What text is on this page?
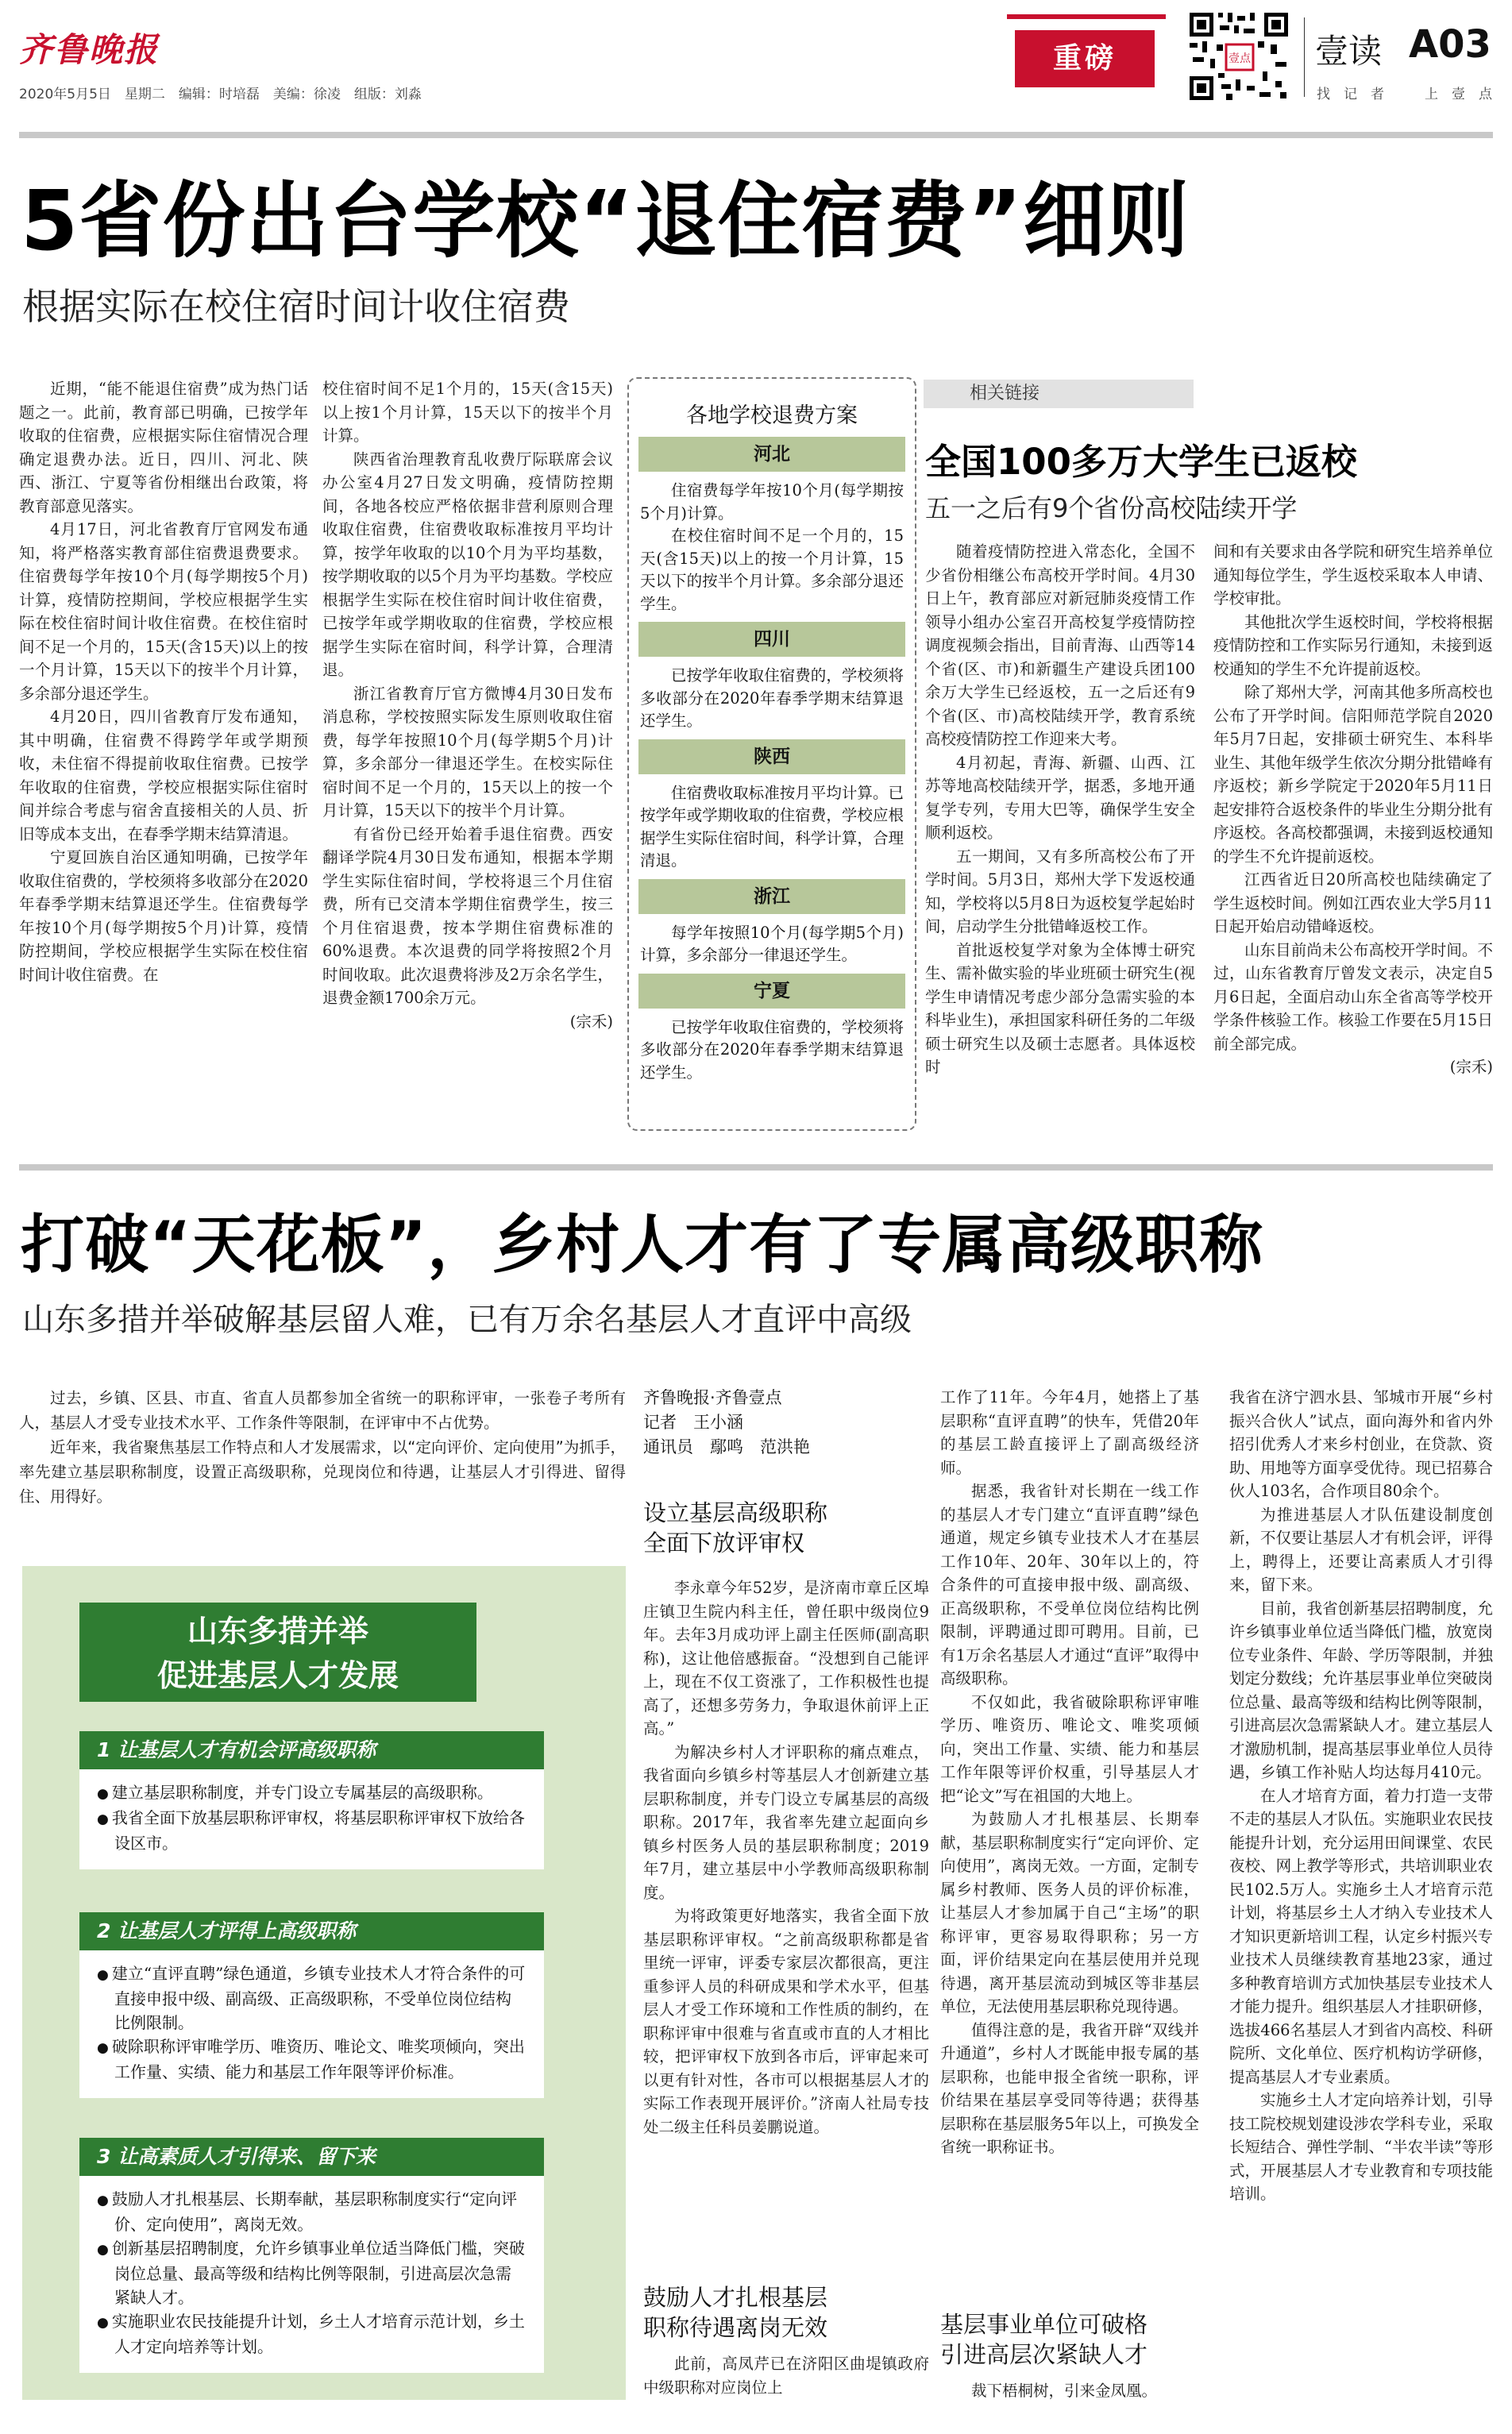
齐鲁晚报
2020年5月5日　星期二　编辑：时培磊　美编：徐凌　组版：刘淼
重磅	壹点 壹读 A03
找　记　者　　　上　壹　点
5省份出台学校“退住宿费”细则
根据实际在校住宿时间计收住宿费

近期，“能不能退住宿费”成为热门话题之一。此前，教育部已明确，已按学年收取的住宿费，应根据实际住宿情况合理确定退费办法。近日，四川、河北、陕西、浙江、宁夏等省份相继出台政策，将教育部意见落实。

4月17日，河北省教育厅官网发布通知，将严格落实教育部住宿费退费要求。住宿费每学年按10个月(每学期按5个月)计算，疫情防控期间，学校应根据学生实际在校住宿时间计收住宿费。在校住宿时间不足一个月的，15天(含15天)以上的按一个月计算，15天以下的按半个月计算，多余部分退还学生。

4月20日，四川省教育厅发布通知，其中明确，住宿费不得跨学年或学期预收，未住宿不得提前收取住宿费。已按学年收取的住宿费，学校应根据实际住宿时间并综合考虑与宿舍直接相关的人员、折旧等成本支出，在春季学期末结算清退。

宁夏回族自治区通知明确，已按学年收取住宿费的，学校须将多收部分在2020年春季学期末结算退还学生。住宿费每学年按10个月(每学期按5个月)计算，疫情防控期间，学校应根据学生实际在校住宿时间计收住宿费。在

校住宿时间不足1个月的，15天(含15天)以上按1个月计算，15天以下的按半个月计算。

陕西省治理教育乱收费厅际联席会议办公室4月27日发文明确，疫情防控期间，各地各校应严格依据非营利原则合理收取住宿费，住宿费收取标准按月平均计算，按学年收取的以10个月为平均基数，按学期收取的以5个月为平均基数。学校应根据学生实际在校住宿时间计收住宿费，已按学年或学期收取的住宿费，学校应根据学生实际在宿时间，科学计算，合理清退。

浙江省教育厅官方微博4月30日发布消息称，学校按照实际发生原则收取住宿费，每学年按照10个月(每学期5个月)计算，多余部分一律退还学生。在校实际住宿时间不足一个月的，15天以上的按一个月计算，15天以下的按半个月计算。

有省份已经开始着手退住宿费。西安翻译学院4月30日发布通知，根据本学期学生实际住宿时间，学校将退三个月住宿费，所有已交清本学期住宿费学生，按三个月住宿退费，按本学期住宿费标准的60%退费。本次退费的同学将按照2个月时间收取。此次退费将涉及2万余名学生，退费金额1700余万元。

(宗禾)

各地学校退费方案
河北

住宿费每学年按10个月(每学期按5个月)计算。

在校住宿时间不足一个月的，15天(含15天)以上的按一个月计算，15天以下的按半个月计算。多余部分退还学生。

四川

已按学年收取住宿费的，学校须将多收部分在2020年春季学期末结算退还学生。

陕西

住宿费收取标准按月平均计算。已按学年或学期收取的住宿费，学校应根据学生实际住宿时间，科学计算，合理清退。

浙江

每学年按照10个月(每学期5个月)计算，多余部分一律退还学生。

宁夏

已按学年收取住宿费的，学校须将多收部分在2020年春季学期末结算退还学生。

相关链接
全国100多万大学生已返校
五一之后有9个省份高校陆续开学

随着疫情防控进入常态化，全国不少省份相继公布高校开学时间。4月30日上午，教育部应对新冠肺炎疫情工作领导小组办公室召开高校复学疫情防控调度视频会指出，目前青海、山西等14个省(区、市)和新疆生产建设兵团100余万大学生已经返校，五一之后还有9个省(区、市)高校陆续开学，教育系统高校疫情防控工作迎来大考。

4月初起，青海、新疆、山西、江苏等地高校陆续开学，据悉，多地开通复学专列，专用大巴等，确保学生安全顺利返校。

五一期间，又有多所高校公布了开学时间。5月3日，郑州大学下发返校通知，学校将以5月8日为返校复学起始时间，启动学生分批错峰返校工作。

首批返校复学对象为全体博士研究生、需补做实验的毕业班硕士研究生(视学生申请情况考虑少部分急需实验的本科毕业生)，承担国家科研任务的二年级硕士研究生以及硕士志愿者。具体返校时

间和有关要求由各学院和研究生培养单位通知每位学生，学生返校采取本人申请、学校审批。

其他批次学生返校时间，学校将根据疫情防控和工作实际另行通知，未接到返校通知的学生不允许提前返校。

除了郑州大学，河南其他多所高校也公布了开学时间。信阳师范学院自2020年5月7日起，安排硕士研究生、本科毕业生、其他年级学生依次分期分批错峰有序返校；新乡学院定于2020年5月11日起安排符合返校条件的毕业生分期分批有序返校。各高校都强调，未接到返校通知的学生不允许提前返校。

江西省近日20所高校也陆续确定了学生返校时间。例如江西农业大学5月11日起开始启动错峰返校。

山东目前尚未公布高校开学时间。不过，山东省教育厅曾发文表示，决定自5月6日起，全面启动山东全省高等学校开学条件核验工作。核验工作要在5月15日前全部完成。

(宗禾)

打破“天花板”，乡村人才有了专属高级职称
山东多措并举破解基层留人难，已有万余名基层人才直评中高级

过去，乡镇、区县、市直、省直人员都参加全省统一的职称评审，一张卷子考所有人，基层人才受专业技术水平、工作条件等限制，在评审中不占优势。

近年来，我省聚焦基层工作特点和人才发展需求，以“定向评价、定向使用”为抓手，率先建立基层职称制度，设置正高级职称，兑现岗位和待遇，让基层人才引得进、留得住、用得好。

山东多措并举
促进基层人才发展
1 让基层人才有机会评高级职称
● 建立基层职称制度，并专门设立专属基层的高级职称。
● 我省全面下放基层职称评审权，将基层职称评审权下放给各设区市。
2 让基层人才评得上高级职称
● 建立“直评直聘”绿色通道，乡镇专业技术人才符合条件的可直接申报中级、副高级、正高级职称，不受单位岗位结构比例限制。
● 破除职称评审唯学历、唯资历、唯论文、唯奖项倾向，突出工作量、实绩、能力和基层工作年限等评价标准。
3 让高素质人才引得来、留下来
● 鼓励人才扎根基层、长期奉献，基层职称制度实行“定向评价、定向使用”，离岗无效。
● 创新基层招聘制度，允许乡镇事业单位适当降低门槛，突破岗位总量、最高等级和结构比例等限制，引进高层次急需紧缺人才。
● 实施职业农民技能提升计划，乡土人才培育示范计划，乡土人才定向培养等计划。
齐鲁晚报·齐鲁壹点
记者　王小涵
通讯员　鄢鸣　范洪艳
设立基层高级职称
全面下放评审权

李永章今年52岁，是济南市章丘区埠庄镇卫生院内科主任，曾任职中级岗位9年。去年3月成功评上副主任医师(副高职称)，这让他倍感振奋。“没想到自己能评上，现在不仅工资涨了，工作积极性也提高了，还想多劳务力，争取退休前评上正高。”

为解决乡村人才评职称的痛点难点，我省面向乡镇乡村等基层人才创新建立基层职称制度，并专门设立专属基层的高级职称。2017年，我省率先建立起面向乡镇乡村医务人员的基层职称制度；2019年7月，建立基层中小学教师高级职称制度。

为将政策更好地落实，我省全面下放基层职称评审权。“之前高级职称都是省里统一评审，评委专家层次都很高，更注重参评人员的科研成果和学术水平，但基层人才受工作环境和工作性质的制约，在职称评审中很难与省直或市直的人才相比较，把评审权下放到各市后，评审起来可以更有针对性，各市可以根据基层人才的实际工作表现开展评价。”济南人社局专技处二级主任科员姜鹏说道。

鼓励人才扎根基层
职称待遇离岗无效

此前，高凤芹已在济阳区曲堤镇政府中级职称对应岗位上

工作了11年。今年4月，她搭上了基层职称“直评直聘”的快车，凭借20年的基层工龄直接评上了副高级经济师。

据悉，我省针对长期在一线工作的基层人才专门建立“直评直聘”绿色通道，规定乡镇专业技术人才在基层工作10年、20年、30年以上的，符合条件的可直接申报中级、副高级、正高级职称，不受单位岗位结构比例限制，评聘通过即可聘用。目前，已有1万余名基层人才通过“直评”取得中高级职称。

不仅如此，我省破除职称评审唯学历、唯资历、唯论文、唯奖项倾向，突出工作量、实绩、能力和基层工作年限等评价权重，引导基层人才把“论文”写在祖国的大地上。

为鼓励人才扎根基层、长期奉献，基层职称制度实行“定向评价、定向使用”，离岗无效。一方面，定制专属乡村教师、医务人员的评价标准，让基层人才参加属于自己“主场”的职称评审，更容易取得职称；另一方面，评价结果定向在基层使用并兑现待遇，离开基层流动到城区等非基层单位，无法使用基层职称兑现待遇。

值得注意的是，我省开辟“双线并升通道”，乡村人才既能申报专属的基层职称，也能申报全省统一职称，评价结果在基层享受同等待遇；获得基层职称在基层服务5年以上，可换发全省统一职称证书。

基层事业单位可破格
引进高层次紧缺人才

裁下梧桐树，引来金凤凰。

我省在济宁泗水县、邹城市开展“乡村振兴合伙人”试点，面向海外和省内外招引优秀人才来乡村创业，在贷款、资助、用地等方面享受优待。现已招募合伙人103名，合作项目80余个。

为推进基层人才队伍建设制度创新，不仅要让基层人才有机会评，评得上，聘得上，还要让高素质人才引得来，留下来。

目前，我省创新基层招聘制度，允许乡镇事业单位适当降低门槛，放宽岗位专业条件、年龄、学历等限制，并独划定分数线；允许基层事业单位突破岗位总量、最高等级和结构比例等限制，引进高层次急需紧缺人才。建立基层人才激励机制，提高基层事业单位人员待遇，乡镇工作补贴人均达每月410元。

在人才培育方面，着力打造一支带不走的基层人才队伍。实施职业农民技能提升计划，充分运用田间课堂、农民夜校、网上教学等形式，共培训职业农民102.5万人。实施乡土人才培育示范计划，将基层乡土人才纳入专业技术人才知识更新培训工程，认定乡村振兴专业技术人员继续教育基地23家，通过多种教育培训方式加快基层专业技术人才能力提升。组织基层人才挂职研修，选拔466名基层人才到省内高校、科研院所、文化单位、医疗机构访学研修，提高基层人才专业素质。

实施乡土人才定向培养计划，引导技工院校规划建设涉农学科专业，采取长短结合、弹性学制、“半农半读”等形式，开展基层人才专业教育和专项技能培训。
